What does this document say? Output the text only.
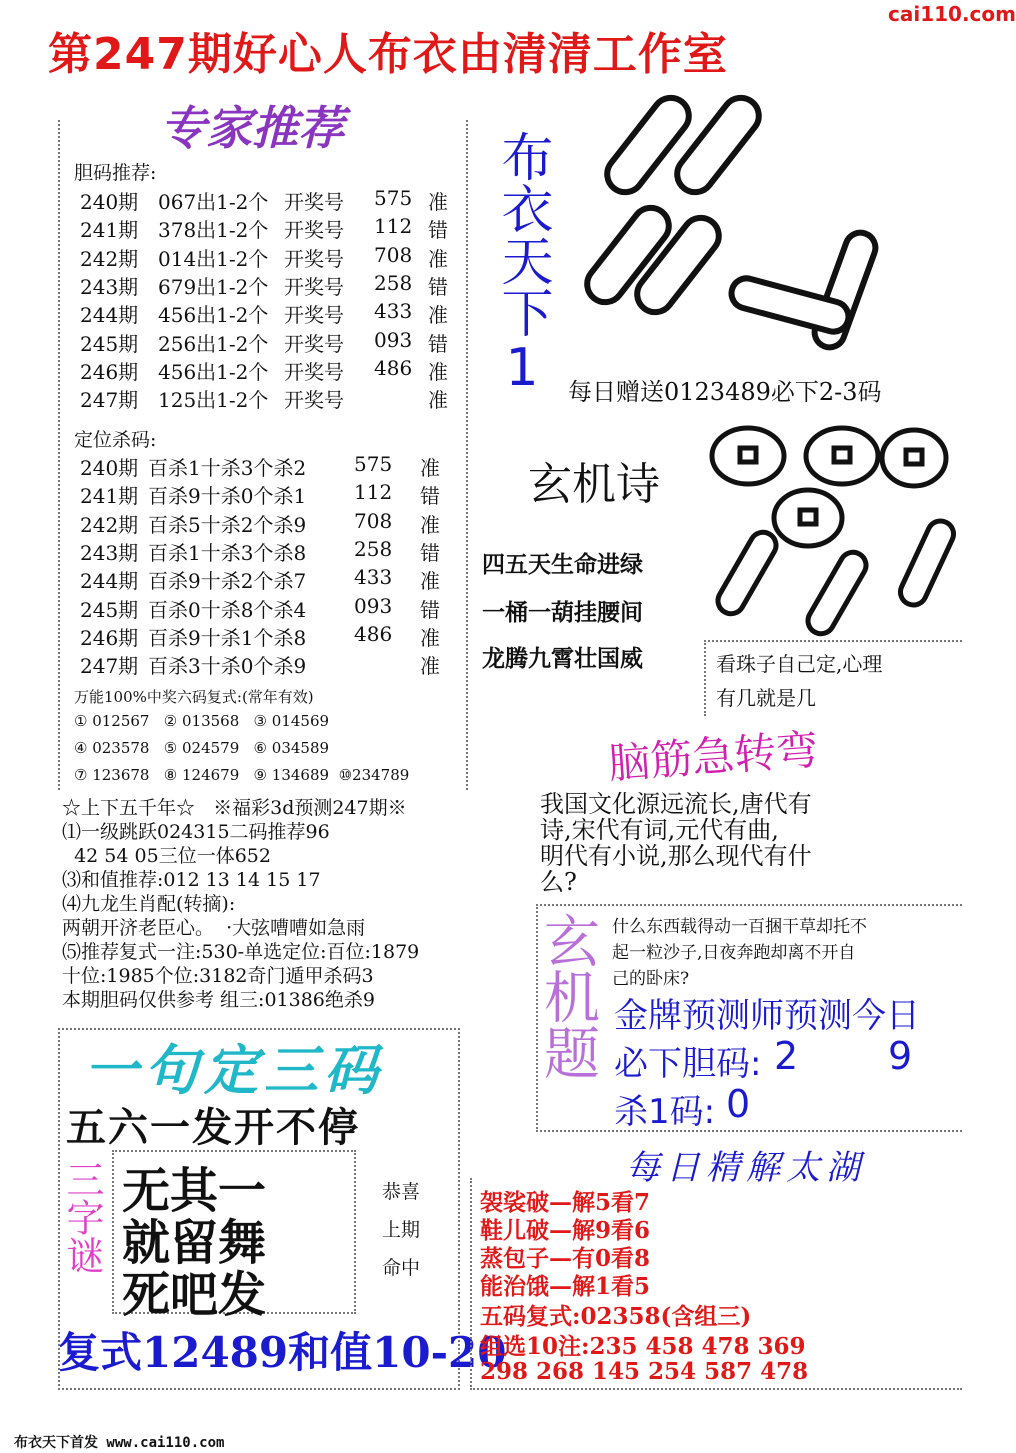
第247期好心人布衣由清清工作室
cai110.com
专家推荐
胆码推荐:
240期 067出1-2个 开奖号 575 准
241期 378出1-2个 开奖号 112 错
242期 014出1-2个 开奖号 708 准
243期 679出1-2个 开奖号 258 错
244期 456出1-2个 开奖号 433 准
245期 256出1-2个 开奖号 093 错
246期 456出1-2个 开奖号 486 准
247期 125出1-2个 开奖号	准
定位杀码:
240期 百杀1十杀3个杀2 575 准
241期 百杀9十杀0个杀1 112 错
242期 百杀5十杀2个杀9 708 准
243期 百杀1十杀3个杀8 258 错
244期 百杀9十杀2个杀7 433 准
245期 百杀0十杀8个杀4 093 错
246期 百杀9十杀1个杀8 486 准
247期 百杀3十杀0个杀9	准
万能100%中奖六码复式:(常年有效)
① 012567   ② 013568   ③ 014569
④ 023578   ⑤ 024579   ⑥ 034589
⑦ 123678   ⑧ 124679   ⑨ 134689  ⑩234789
☆上下五千年☆   ※福彩3d预测247期※
⑴一级跳跃024315二码推荐96
42 54 05三位一体652
⑶和值推荐:012 13 14 15 17
⑷九龙生肖配(转摘):
两朝开济老臣心。  ·大弦嘈嘈如急雨
⑸推荐复式一注:530-单选定位:百位:1879
十位:1985个位:3182奇门遁甲杀码3
本期胆码仅供参考 组三:01386绝杀9
一句定三码
五六一发开不停
三字谜 无其一
就留舞
死吧发
恭喜
上期
命中
复式12489和值10-20
布衣天下1 每日赠送0123489必下2-3码
玄机诗
四五天生命进绿
一桶一葫挂腰间
龙腾九霄壮国威	看珠子自己定,心理
有几就是几
脑筋急转弯
我国文化源远流长,唐代有
诗,宋代有词,元代有曲,
明代有小说,那么现代有什
么?
玄机题 什么东西载得动一百捆干草却托不
起一粒沙子,日夜奔跑却离不开自
己的卧床?
金牌预测师预测今日
必下胆码: 2 9
杀1码: 0
每日精解太湖
袈裟破—解5看7
鞋儿破—解9看6
蒸包子—有0看8
能治饿—解1看5
五码复式:02358(含组三)
组选10注:235 458 478 369
298 268 145 254 587 478
布衣天下首发 www.cai110.com
